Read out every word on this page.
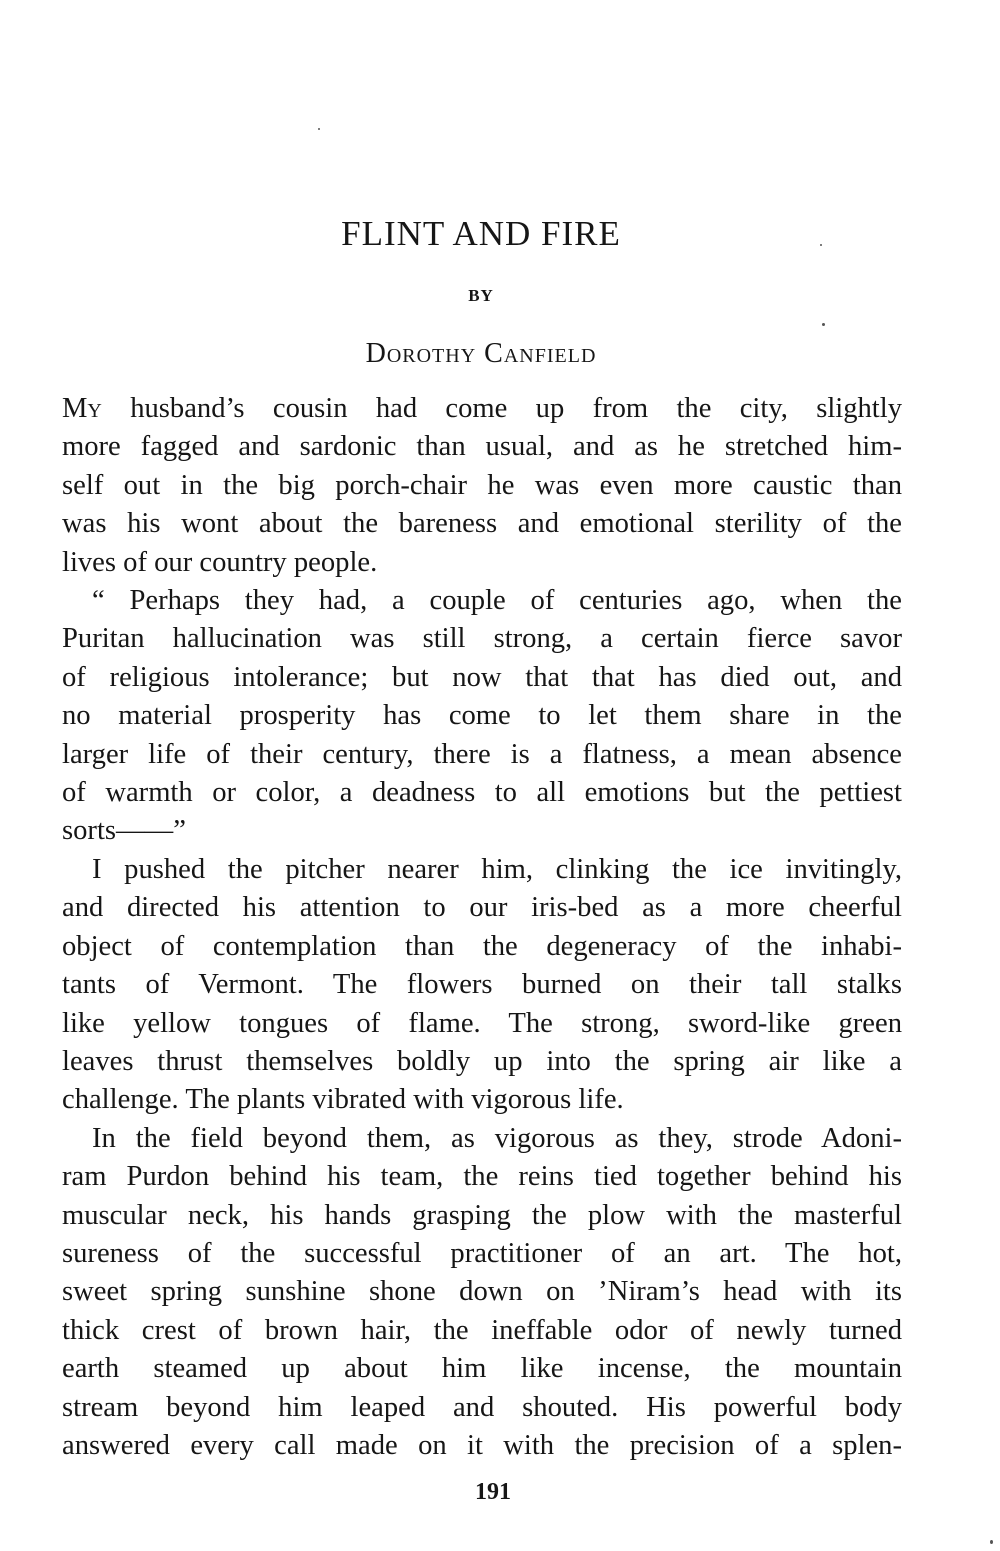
FLINT AND FIRE
BY
Dorothy Canfield
My husband’s cousin had come up from the city, slightly
more fagged and sardonic than usual, and as he stretched him-
self out in the big porch-chair he was even more caustic than
was his wont about the bareness and emotional sterility of the
lives of our country people.
“ Perhaps they had, a couple of centuries ago, when the
Puritan hallucination was still strong, a certain fierce savor
of religious intolerance; but now that that has died out, and
no material prosperity has come to let them share in the
larger life of their century, there is a flatness, a mean absence
of warmth or color, a deadness to all emotions but the pettiest
sorts——”
I pushed the pitcher nearer him, clinking the ice invitingly,
and directed his attention to our iris-bed as a more cheerful
object of contemplation than the degeneracy of the inhabi-
tants of Vermont. The flowers burned on their tall stalks
like yellow tongues of flame. The strong, sword-like green
leaves thrust themselves boldly up into the spring air like a
challenge. The plants vibrated with vigorous life.
In the field beyond them, as vigorous as they, strode Adoni-
ram Purdon behind his team, the reins tied together behind his
muscular neck, his hands grasping the plow with the masterful
sureness of the successful practitioner of an art. The hot,
sweet spring sunshine shone down on ’Niram’s head with its
thick crest of brown hair, the ineffable odor of newly turned
earth steamed up about him like incense, the mountain
stream beyond him leaped and shouted. His powerful body
answered every call made on it with the precision of a splen-
191
